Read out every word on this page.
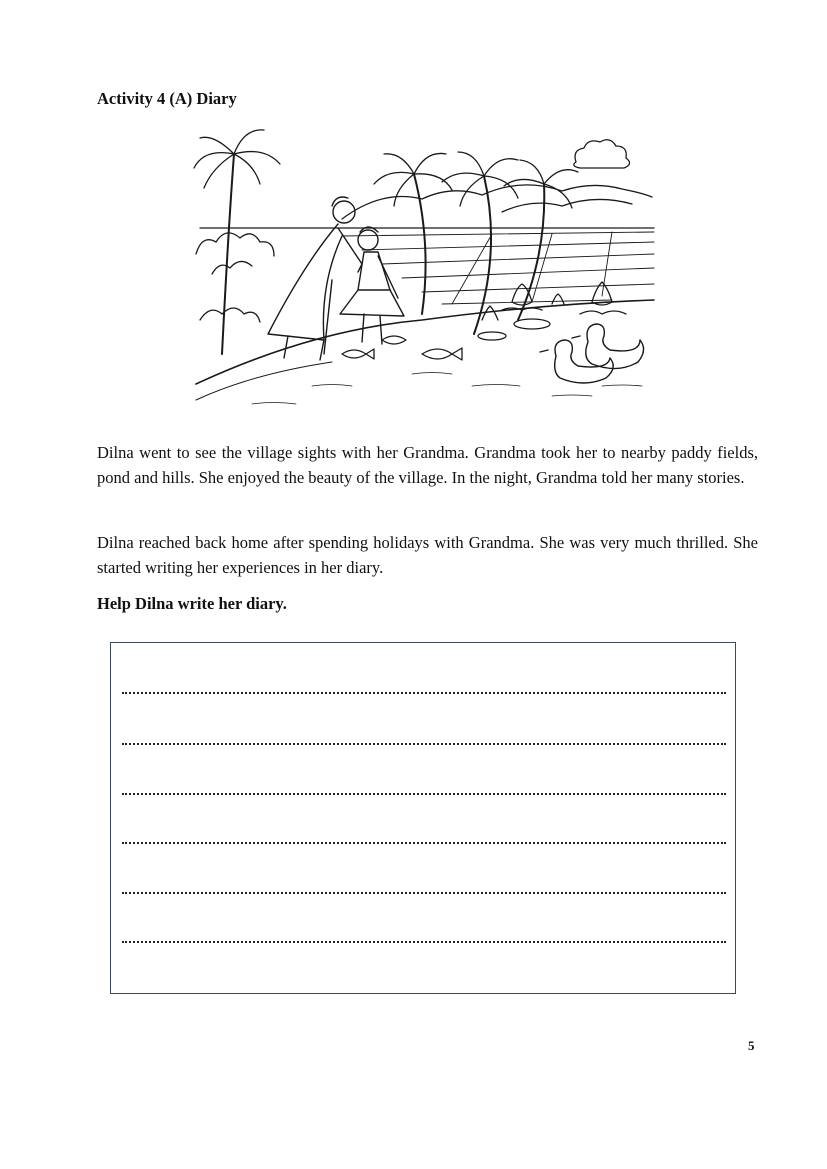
Activity 4 (A) Diary

Dilna went to see the village sights with her Grandma. Grandma took her to nearby paddy fields, pond and hills. She enjoyed the beauty of the village. In the night, Grandma told her many stories.

Dilna reached back home after spending holidays with Grandma. She was very much thrilled. She started writing her experiences in her diary.

Help Dilna write her diary.

5
